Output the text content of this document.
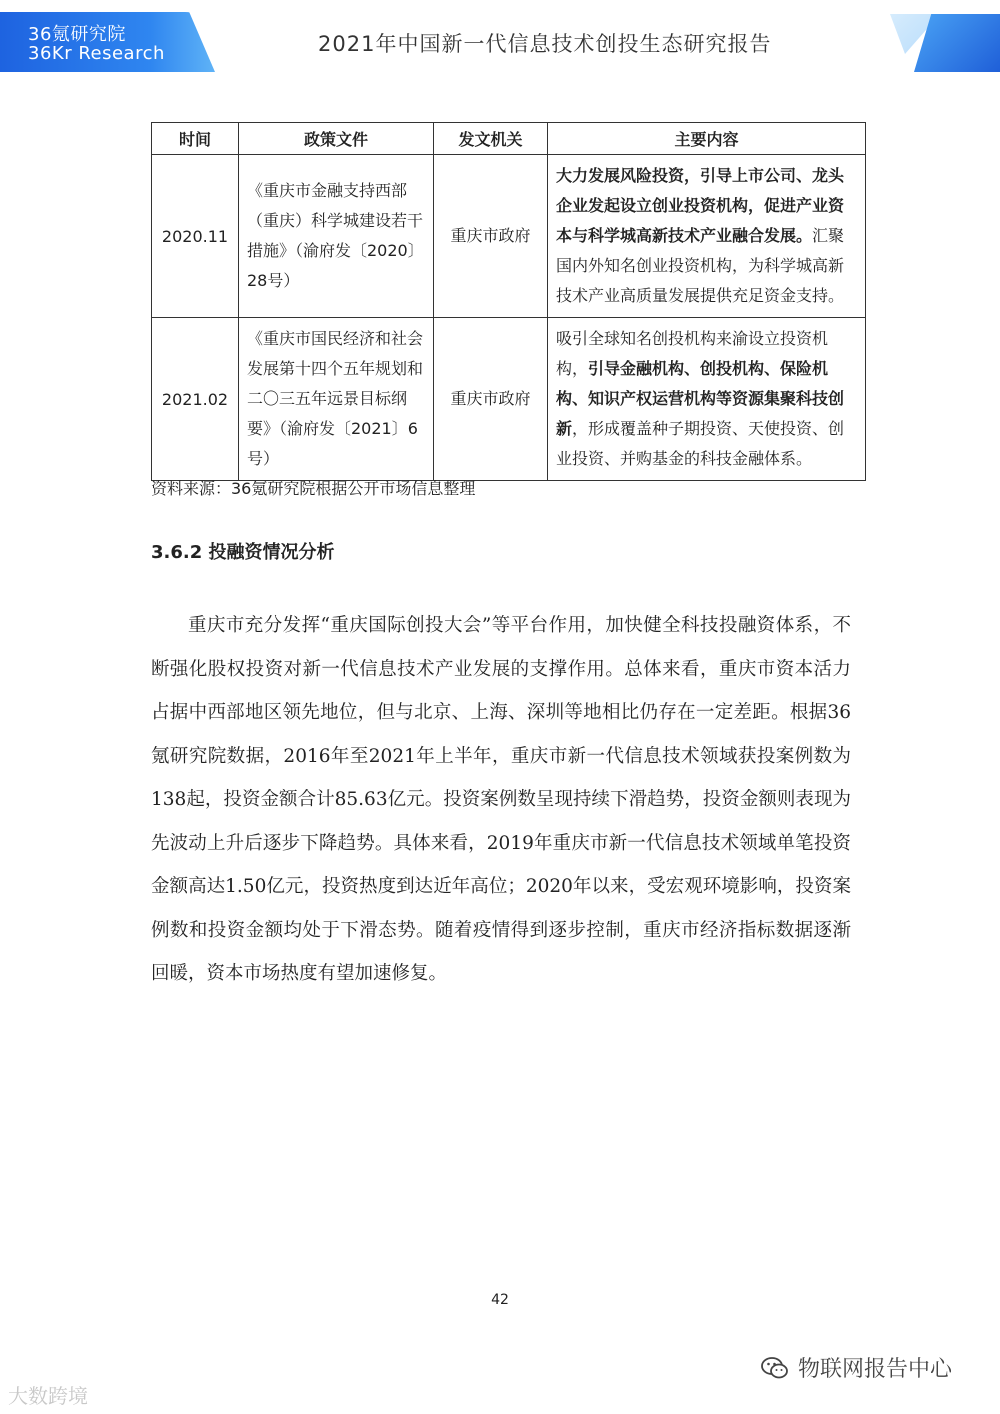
36氪研究院
36Kr Research	2021年中国新一代信息技术创投生态研究报告
时间	政策文件	发文机关	主要内容
2020.11	《重庆市金融支持西部（重庆）科学城建设若干措施》（渝府发〔2020〕28号）	重庆市政府	大力发展风险投资，引导上市公司、龙头企业发起设立创业投资机构，促进产业资本与科学城高新技术产业融合发展。汇聚国内外知名创业投资机构，为科学城高新技术产业高质量发展提供充足资金支持。
2021.02	《重庆市国民经济和社会发展第十四个五年规划和二〇三五年远景目标纲要》（渝府发〔2021〕6号）	重庆市政府	吸引全球知名创投机构来渝设立投资机构，引导金融机构、创投机构、保险机构、知识产权运营机构等资源集聚科技创新，形成覆盖种子期投资、天使投资、创业投资、并购基金的科技金融体系。
资料来源：36氪研究院根据公开市场信息整理
3.6.2 投融资情况分析
重庆市充分发挥“重庆国际创投大会”等平台作用，加快健全科技投融资体系，不断强化股权投资对新一代信息技术产业发展的支撑作用。总体来看，重庆市资本活力占据中西部地区领先地位，但与北京、上海、深圳等地相比仍存在一定差距。根据36氪研究院数据，2016年至2021年上半年，重庆市新一代信息技术领域获投案例数为138起，投资金额合计85.63亿元。投资案例数呈现持续下滑趋势，投资金额则表现为先波动上升后逐步下降趋势。具体来看，2019年重庆市新一代信息技术领域单笔投资金额高达1.50亿元，投资热度到达近年高位；2020年以来，受宏观环境影响，投资案例数和投资金额均处于下滑态势。随着疫情得到逐步控制，重庆市经济指标数据逐渐回暖，资本市场热度有望加速修复。
42
大数跨境
物联网报告中心
